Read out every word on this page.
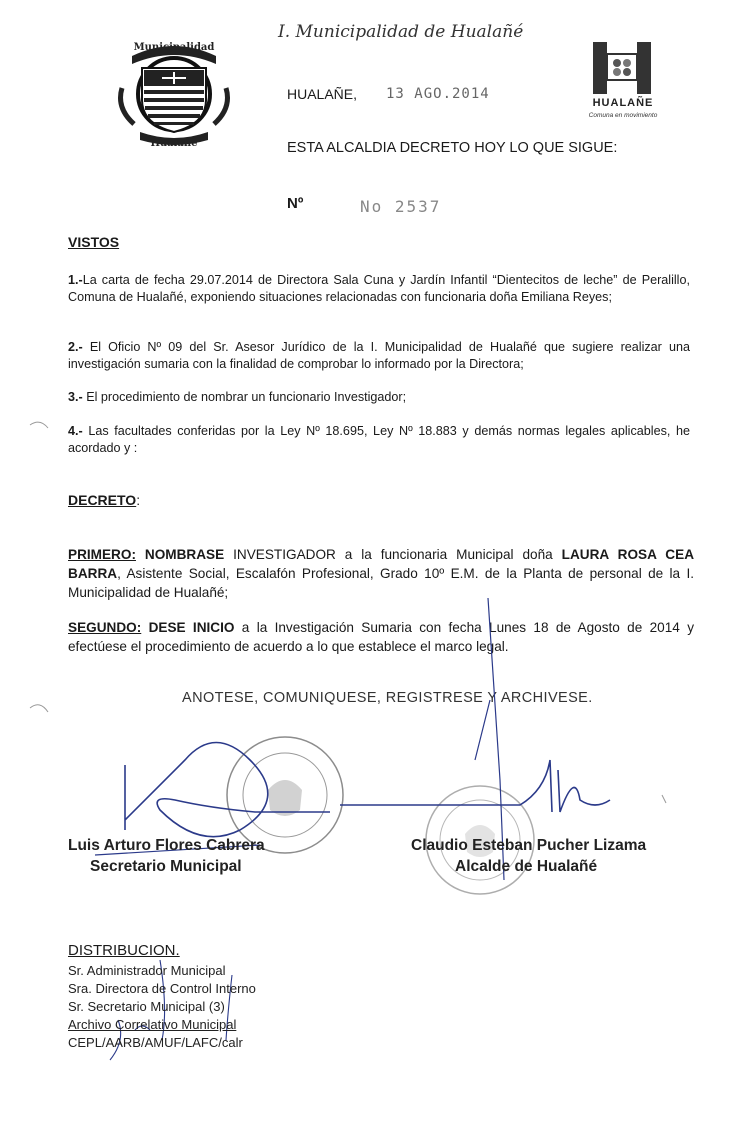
Municipalidad
Hualañé
I. Municipalidad de Hualañé
HUALAÑE
Comuna en movimiento
HUALAÑE, 13 AGO.2014
ESTA ALCALDIA DECRETO HOY LO QUE SIGUE:
Nº	No 2537
VISTOS
1.-La carta de fecha 29.07.2014 de Directora Sala Cuna y Jardín Infantil “Dientecitos de leche” de Peralillo, Comuna de Hualañé, exponiendo situaciones relacionadas con funcionaria doña Emiliana Reyes;
2.- El Oficio Nº 09 del Sr. Asesor Jurídico de la I. Municipalidad de Hualañé que sugiere realizar una investigación sumaria con la finalidad de comprobar lo informado por la Directora;
3.- El procedimiento de nombrar un funcionario Investigador;
4.- Las facultades conferidas por la Ley Nº 18.695, Ley Nº 18.883 y demás normas legales aplicables, he acordado y :
DECRETO:
PRIMERO: NOMBRASE INVESTIGADOR a la funcionaria Municipal doña LAURA ROSA CEA BARRA, Asistente Social, Escalafón Profesional, Grado 10º E.M. de la Planta de personal de la I. Municipalidad de Hualañé;
SEGUNDO: DESE INICIO a la Investigación Sumaria con fecha Lunes 18 de Agosto de 2014 y efectúese el procedimiento de acuerdo a lo que establece el marco legal.
ANOTESE, COMUNIQUESE, REGISTRESE Y ARCHIVESE.
Luis Arturo Flores Cabrera
Secretario Municipal
Claudio Esteban Pucher Lizama
Alcalde de Hualañé
DISTRIBUCION.
Sr. Administrador Municipal
Sra. Directora de Control Interno
Sr. Secretario Municipal (3)
Archivo Correlativo Municipal
CEPL/AARB/AMUF/LAFC/calr
